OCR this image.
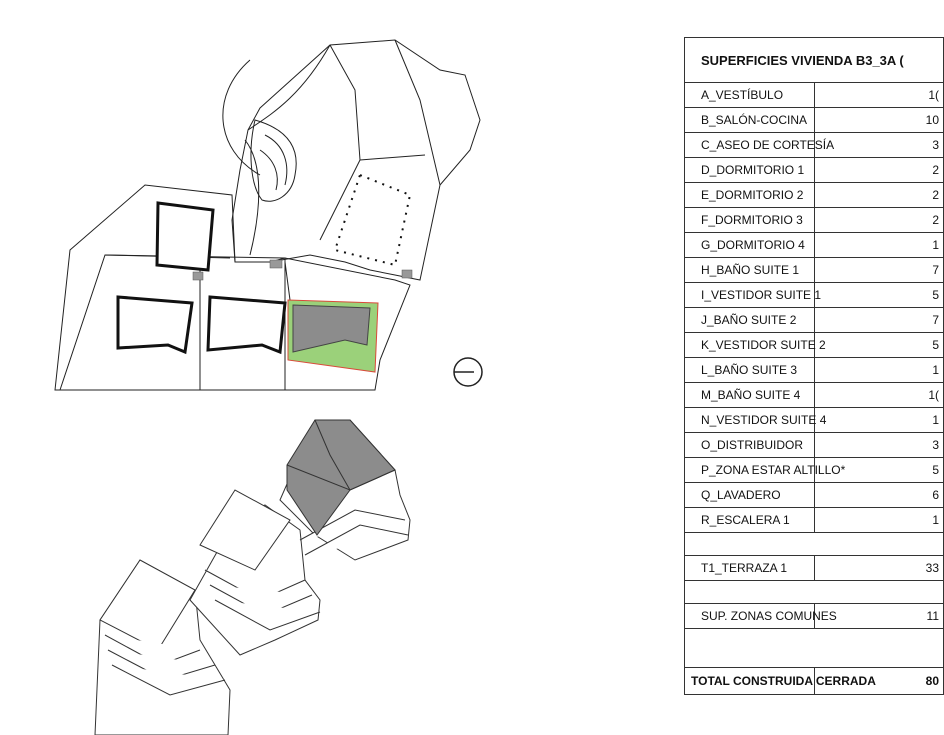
SUPERFICIES VIVIENDA B3_3A (	
A_VESTÍBULO	1(
B_SALÓN-COCINA	10
C_ASEO DE CORTESÍA	3
D_DORMITORIO 1	2
E_DORMITORIO 2	2
F_DORMITORIO 3	2
G_DORMITORIO 4	1
H_BAÑO SUITE 1	7
I_VESTIDOR SUITE 1	5
J_BAÑO SUITE 2	7
K_VESTIDOR SUITE 2	5
L_BAÑO SUITE 3	1
M_BAÑO SUITE 4	1(
N_VESTIDOR SUITE 4	1
O_DISTRIBUIDOR	3
P_ZONA ESTAR ALTILLO*	5
Q_LAVADERO	6
R_ESCALERA 1	1

T1_TERRAZA 1	33

SUP. ZONAS COMUNES	11

TOTAL CONSTRUIDA CERRADA	80
